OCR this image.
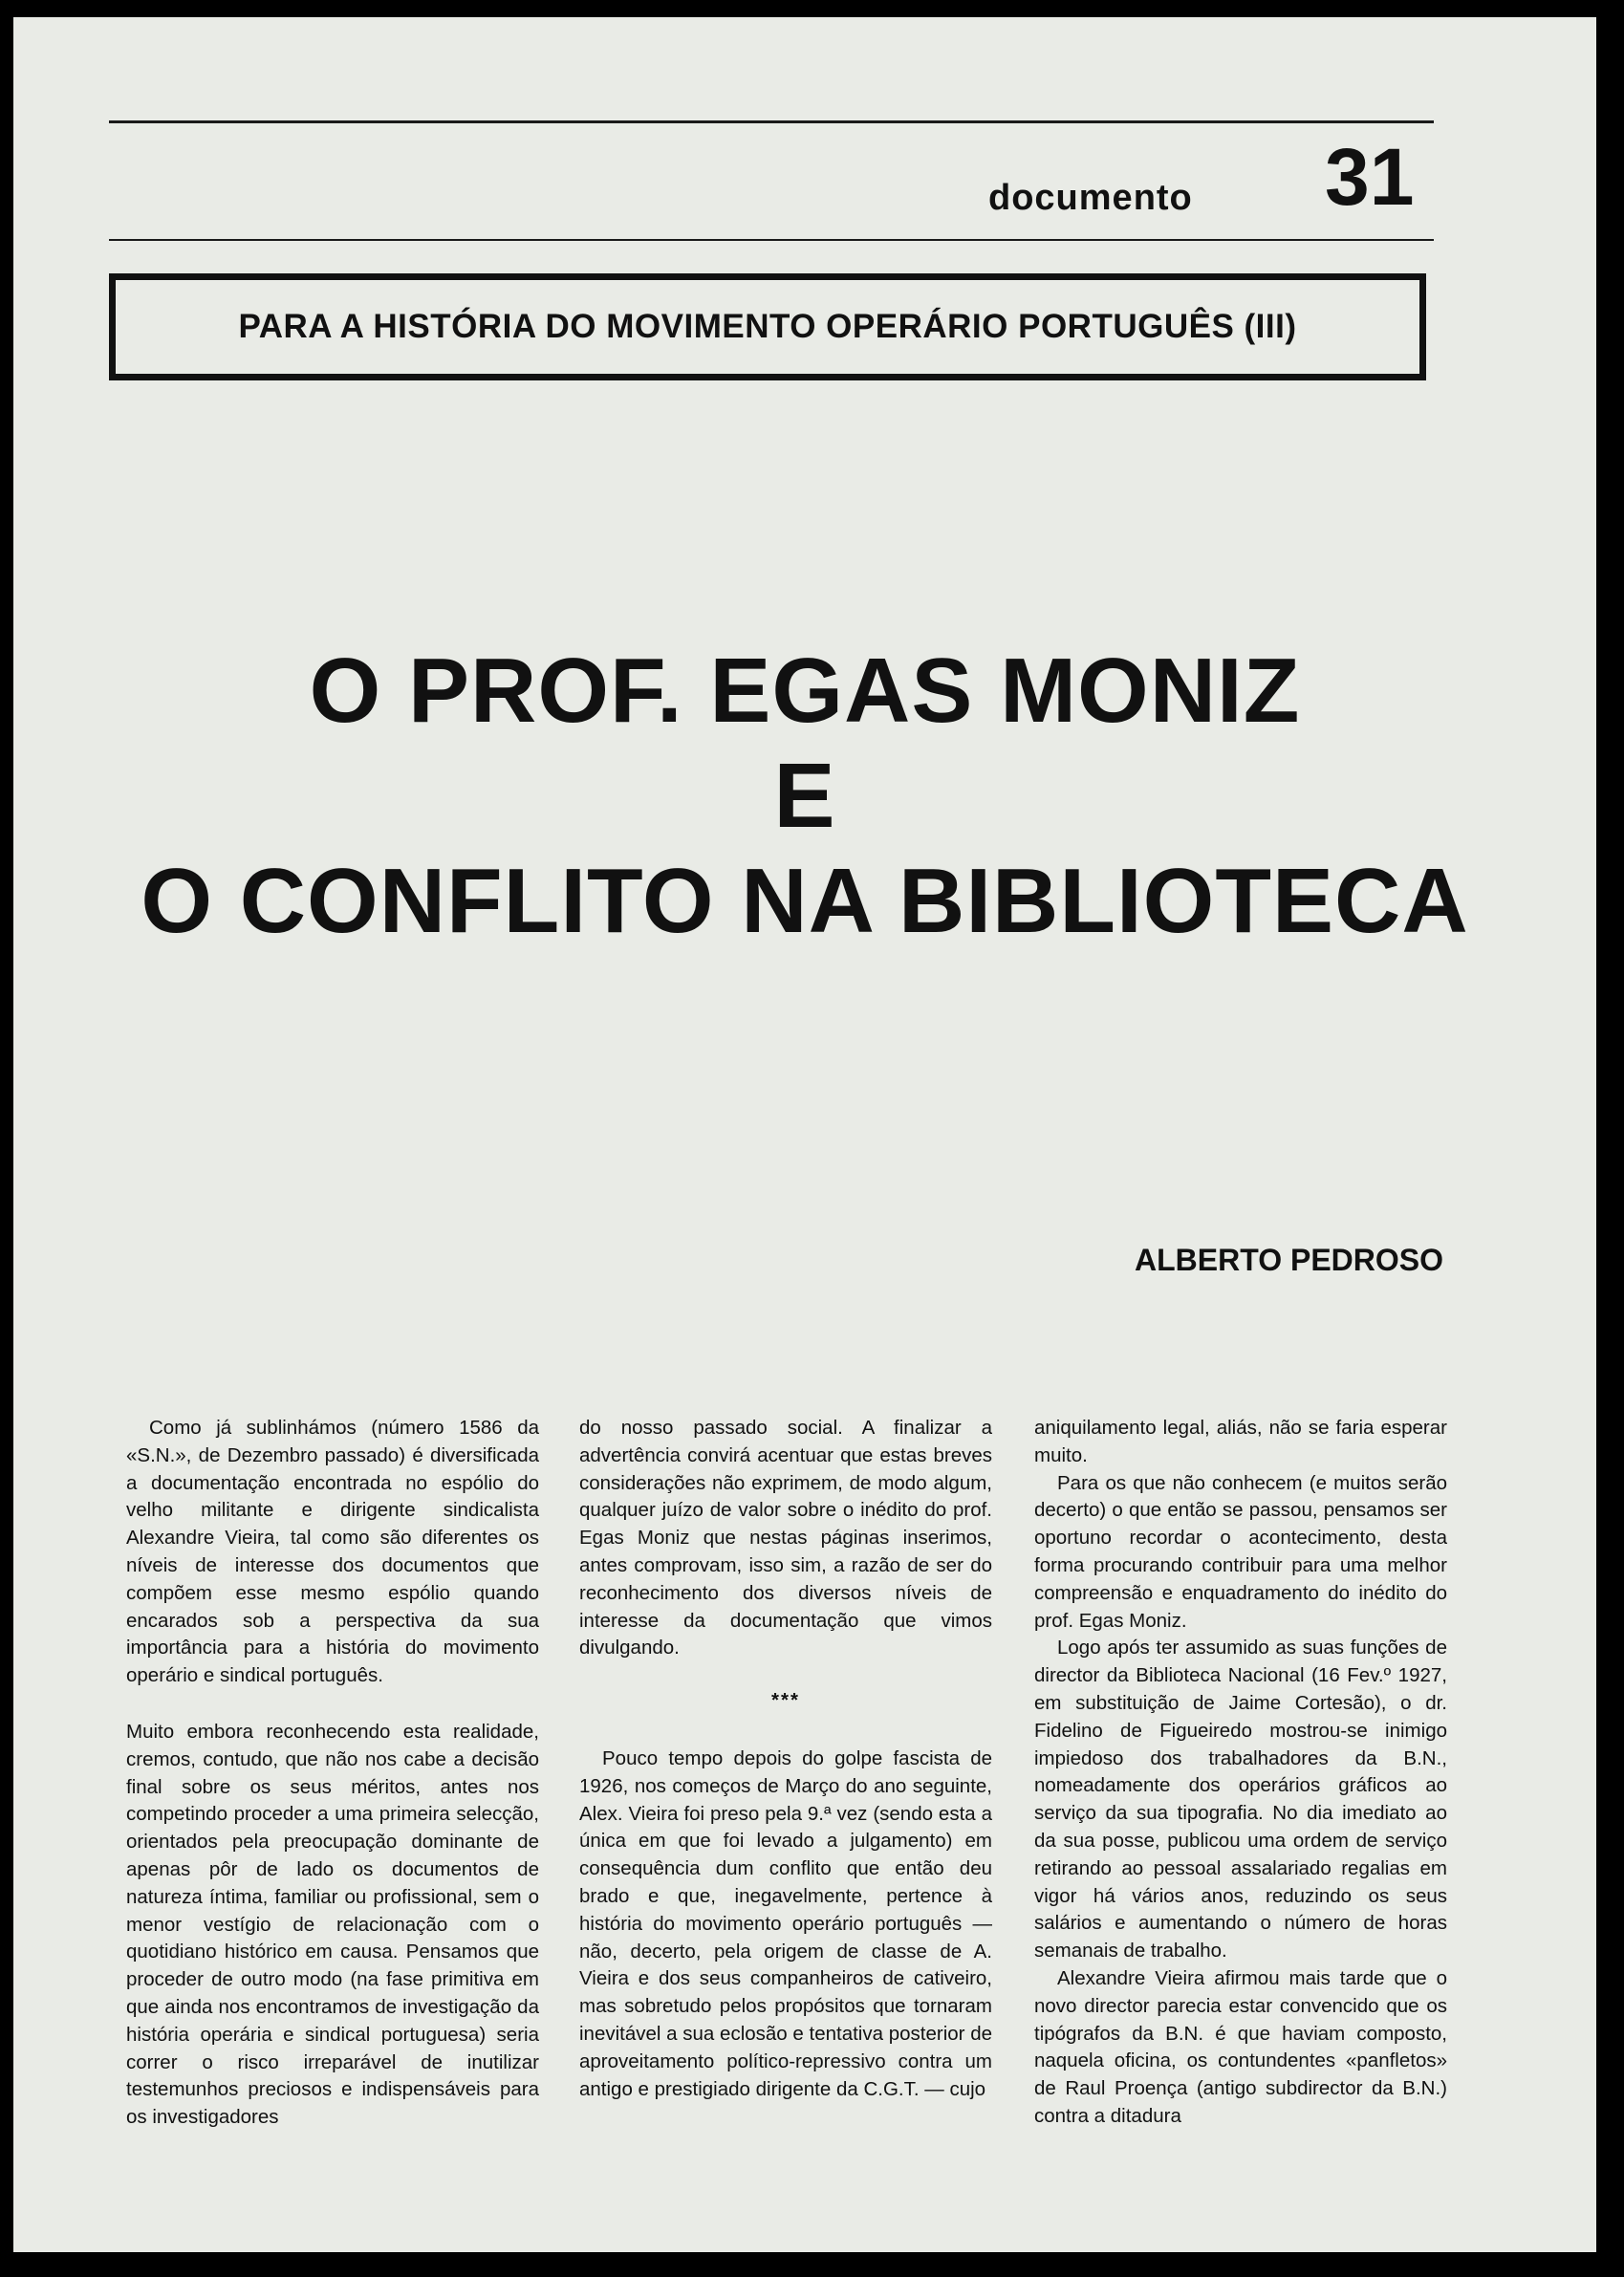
documento 31
PARA A HISTÓRIA DO MOVIMENTO OPERÁRIO PORTUGUÊS (III)
O PROF. EGAS MONIZ
E
O CONFLITO NA BIBLIOTECA
ALBERTO PEDROSO

Como já sublinhámos (número 1586 da «S.N.», de Dezembro passado) é diversificada a documentação encontrada no espólio do velho militante e dirigente sindicalista Alexandre Vieira, tal como são diferentes os níveis de interesse dos documentos que compõem esse mesmo espólio quando encarados sob a perspectiva da sua importância para a história do movimento operário e sindical português.

Muito embora reconhecendo esta realidade, cremos, contudo, que não nos cabe a decisão final sobre os seus méritos, antes nos competindo proceder a uma primeira selecção, orientados pela preocupação dominante de apenas pôr de lado os documentos de natureza íntima, familiar ou profissional, sem o menor vestígio de relacionação com o quotidiano histórico em causa. Pensamos que proceder de outro modo (na fase primitiva em que ainda nos encontramos de investigação da história operária e sindical portuguesa) seria correr o risco irreparável de inutilizar testemunhos preciosos e indispensáveis para os investigadores

do nosso passado social. A finalizar a advertência convirá acentuar que estas breves considerações não exprimem, de modo algum, qualquer juízo de valor sobre o inédito do prof. Egas Moniz que nestas páginas inserimos, antes comprovam, isso sim, a razão de ser do reconhecimento dos diversos níveis de interesse da documentação que vimos divulgando.

***

Pouco tempo depois do golpe fascista de 1926, nos começos de Março do ano seguinte, Alex. Vieira foi preso pela 9.ª vez (sendo esta a única em que foi levado a julgamento) em consequência dum conflito que então deu brado e que, inegavelmente, pertence à história do movimento operário português — não, decerto, pela origem de classe de A. Vieira e dos seus companheiros de cativeiro, mas sobretudo pelos propósitos que tornaram inevitável a sua eclosão e tentativa posterior de aproveitamento político-repressivo contra um antigo e prestigiado dirigente da C.G.T. — cujo

aniquilamento legal, aliás, não se faria esperar muito.

Para os que não conhecem (e muitos serão decerto) o que então se passou, pensamos ser oportuno recordar o acontecimento, desta forma procurando contribuir para uma melhor compreensão e enquadramento do inédito do prof. Egas Moniz.

Logo após ter assumido as suas funções de director da Biblioteca Nacional (16 Fev.º 1927, em substituição de Jaime Cortesão), o dr. Fidelino de Figueiredo mostrou-se inimigo impiedoso dos trabalhadores da B.N., nomeadamente dos operários gráficos ao serviço da sua tipografia. No dia imediato ao da sua posse, publicou uma ordem de serviço retirando ao pessoal assalariado regalias em vigor há vários anos, reduzindo os seus salários e aumentando o número de horas semanais de trabalho.

Alexandre Vieira afirmou mais tarde que o novo director parecia estar convencido que os tipógrafos da B.N. é que haviam composto, naquela oficina, os contundentes «panfletos» de Raul Proença (antigo subdirector da B.N.) contra a ditadura
